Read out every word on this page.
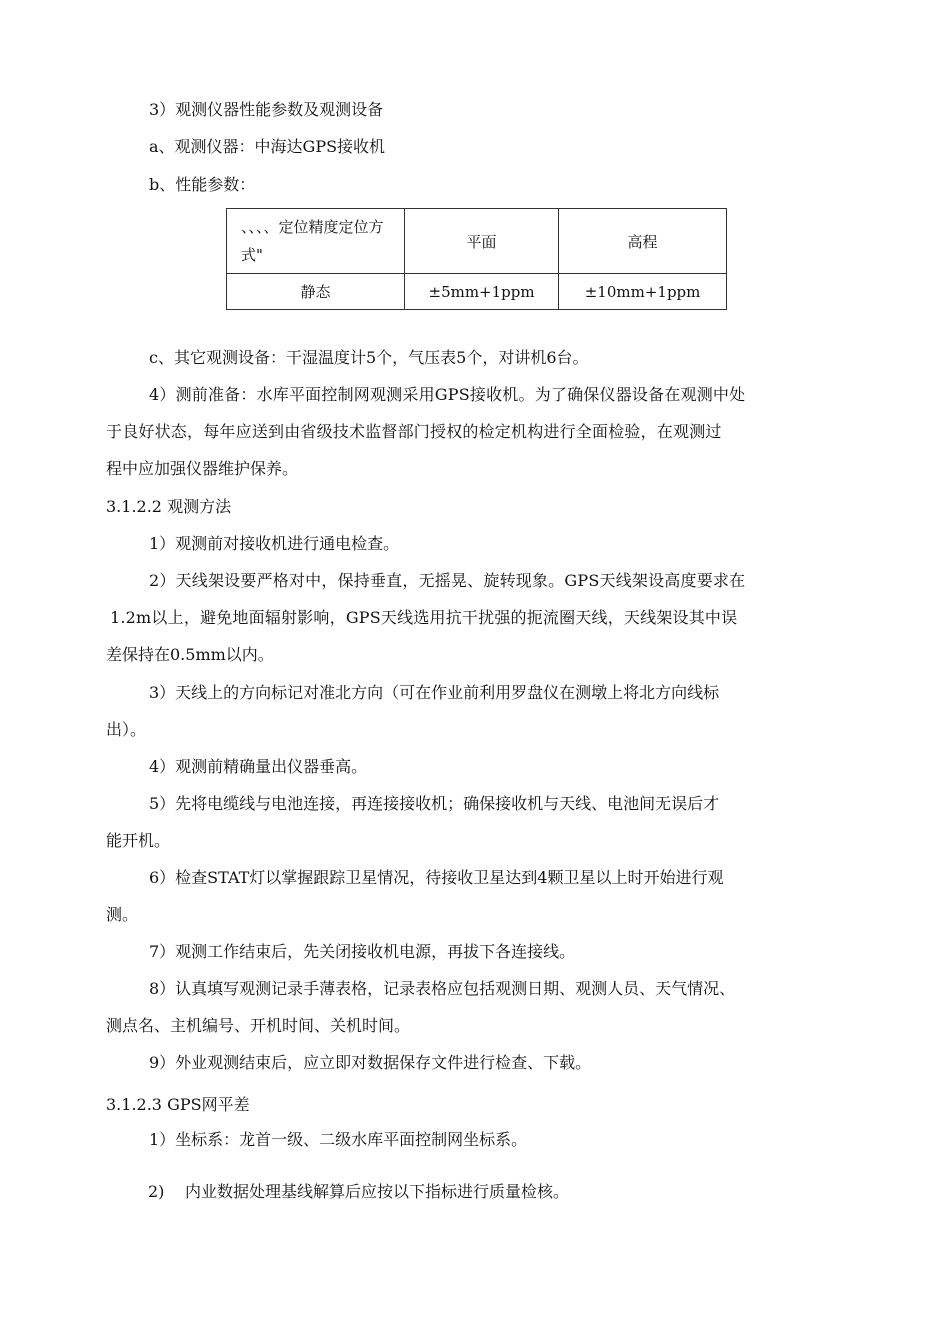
3）观测仪器性能参数及观测设备
a、观测仪器：中海达GPS接收机
b、性能参数：
、、、、定位精度定位方式"	平面	高程
静态	±5mm+1ppm	±10mm+1ppm
c、其它观测设备：干湿温度计5个，气压表5个，对讲机6台。
4）测前准备：水库平面控制网观测采用GPS接收机。为了确保仪器设备在观测中处
于良好状态，每年应送到由省级技术监督部门授权的检定机构进行全面检验，在观测过
程中应加强仪器维护保养。
3.1.2.2 观测方法
1）观测前对接收机进行通电检查。
2）天线架设要严格对中，保持垂直，无摇晃、旋转现象。GPS天线架设高度要求在
1.2m以上，避免地面辐射影响，GPS天线选用抗干扰强的扼流圈天线，天线架设其中误
差保持在0.5mm以内。
3）天线上的方向标记对准北方向（可在作业前利用罗盘仪在测墩上将北方向线标
出）。
4）观测前精确量出仪器垂高。
5）先将电缆线与电池连接，再连接接收机；确保接收机与天线、电池间无误后才
能开机。
6）检查STAT灯以掌握跟踪卫星情况，待接收卫星达到4颗卫星以上时开始进行观
测。
7）观测工作结束后，先关闭接收机电源，再拔下各连接线。
8）认真填写观测记录手薄表格，记录表格应包括观测日期、观测人员、天气情况、
测点名、主机编号、开机时间、关机时间。
9）外业观测结束后，应立即对数据保存文件进行检查、下载。
3.1.2.3 GPS网平差
1）坐标系：龙首一级、二级水库平面控制网坐标系。
2) 内业数据处理基线解算后应按以下指标进行质量检核。
